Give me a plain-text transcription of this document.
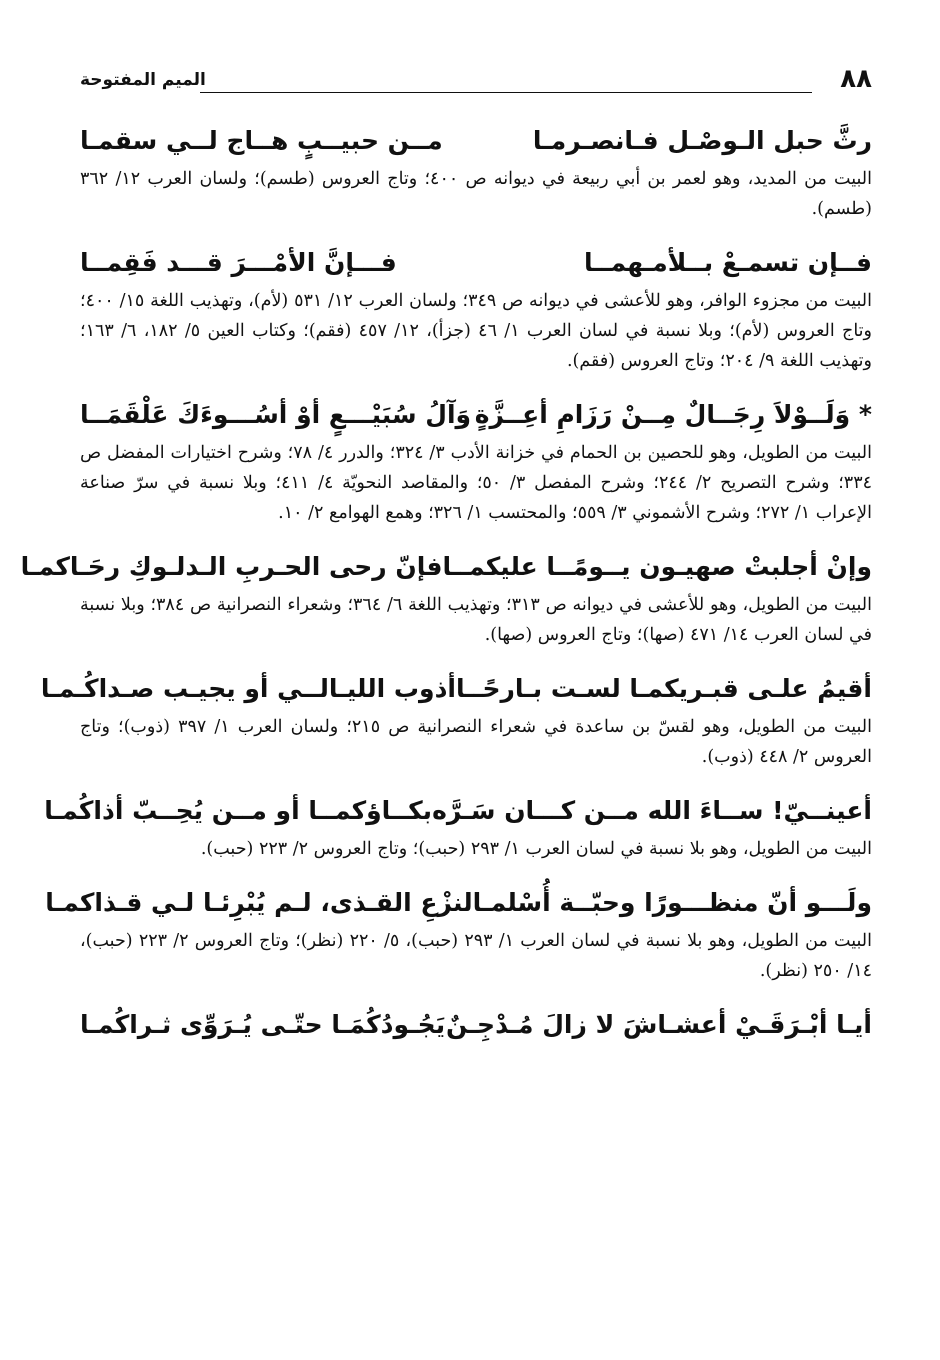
٨٨
الميم المفتوحة
رثَّ حبل الـوصْـل فـانصـرمـا
مــن حبيــبٍ هــاج لــي سقمـا

البيت من المديد، وهو لعمر بن أبي ربيعة في ديوانه ص ٤٠٠؛ وتاج العروس (طسم)؛ ولسان العرب ١٢/ ٣٦٢ (طسم).

فــإن تسمـعْ بــلأمـهمــا
فـــإنَّ الأمْـــرَ قـــد فَقِمــا

البيت من مجزوء الوافر، وهو للأعشى في ديوانه ص ٣٤٩؛ ولسان العرب ١٢/ ٥٣١ (لأم)، وتهذيب اللغة ١٥/ ٤٠٠؛ وتاج العروس (لأم)؛ وبلا نسبة في لسان العرب ١/ ٤٦ (جزأ)، ١٢/ ٤٥٧ (فقم)؛ وكتاب العين ٥/ ١٨٢، ٦/ ١٦٣؛ وتهذيب اللغة ٩/ ٢٠٤؛ وتاج العروس (فقم).

* وَلَــوْلاَ رِجَــالٌ مِــنْ رَزَامِ أعِــزَّةٍ
وَآلُ سُبَيْـــعٍ أوْ أسُـــوءَكَ عَلْقَمَــا

البيت من الطويل، وهو للحصين بن الحمام في خزانة الأدب ٣/ ٣٢٤؛ والدرر ٤/ ٧٨؛ وشرح اختيارات المفضل ص ٣٣٤؛ وشرح التصريح ٢/ ٢٤٤؛ وشرح المفصل ٣/ ٥٠؛ والمقاصد النحويّة ٤/ ٤١١؛ وبلا نسبة في سرّ صناعة الإعراب ١/ ٢٧٢؛ وشرح الأشموني ٣/ ٥٥٩؛ والمحتسب ١/ ٣٢٦؛ وهمع الهوامع ٢/ ١٠.

وإنْ أجلبتْ صهيـون يــومًــا عليكمــا
فإنّ رحى الحـربِ الـدلـوكِ رحَـاكمـا

البيت من الطويل، وهو للأعشى في ديوانه ص ٣١٣؛ وتهذيب اللغة ٦/ ٣٦٤؛ وشعراء النصرانية ص ٣٨٤؛ وبلا نسبة في لسان العرب ١٤/ ٤٧١ (صها)؛ وتاج العروس (صها).

أقيمُ علـى قبـريكمـا لسـت بـارحًــا
أذوب الليـالــي أو يجيـب صـداكُـمـا

البيت من الطويل، وهو لقسّ بن ساعدة في شعراء النصرانية ص ٢١٥؛ ولسان العرب ١/ ٣٩٧ (ذوب)؛ وتاج العروس ٢/ ٤٤٨ (ذوب).

أعينــيّ! ســاءَ الله مــن كـــان سَـرَّه
بكــاؤكمــا أو مــن يُحِــبّ أذاكُمـا

البيت من الطويل، وهو بلا نسبة في لسان العرب ١/ ٢٩٣ (حبب)؛ وتاج العروس ٢/ ٢٢٣ (حبب).

ولَـــو أنّ منظـــورًا وحبّــة أُسْلمـا
لنزْعِ القـذى، لـم يُبْرِئـا لـي قـذاكمـا

البيت من الطويل، وهو بلا نسبة في لسان العرب ١/ ٢٩٣ (حبب)، ٥/ ٢٢٠ (نظر)؛ وتاج العروس ٢/ ٢٢٣ (حبب)، ١٤/ ٢٥٠ (نظر).

أيـا أبْـرَقَـيْ أعشـاشَ لا زالَ مُـدْجِـنٌ
يَجُـودُكُمَـا حتّـى يُـرَوِّى ثـراكُمـا
